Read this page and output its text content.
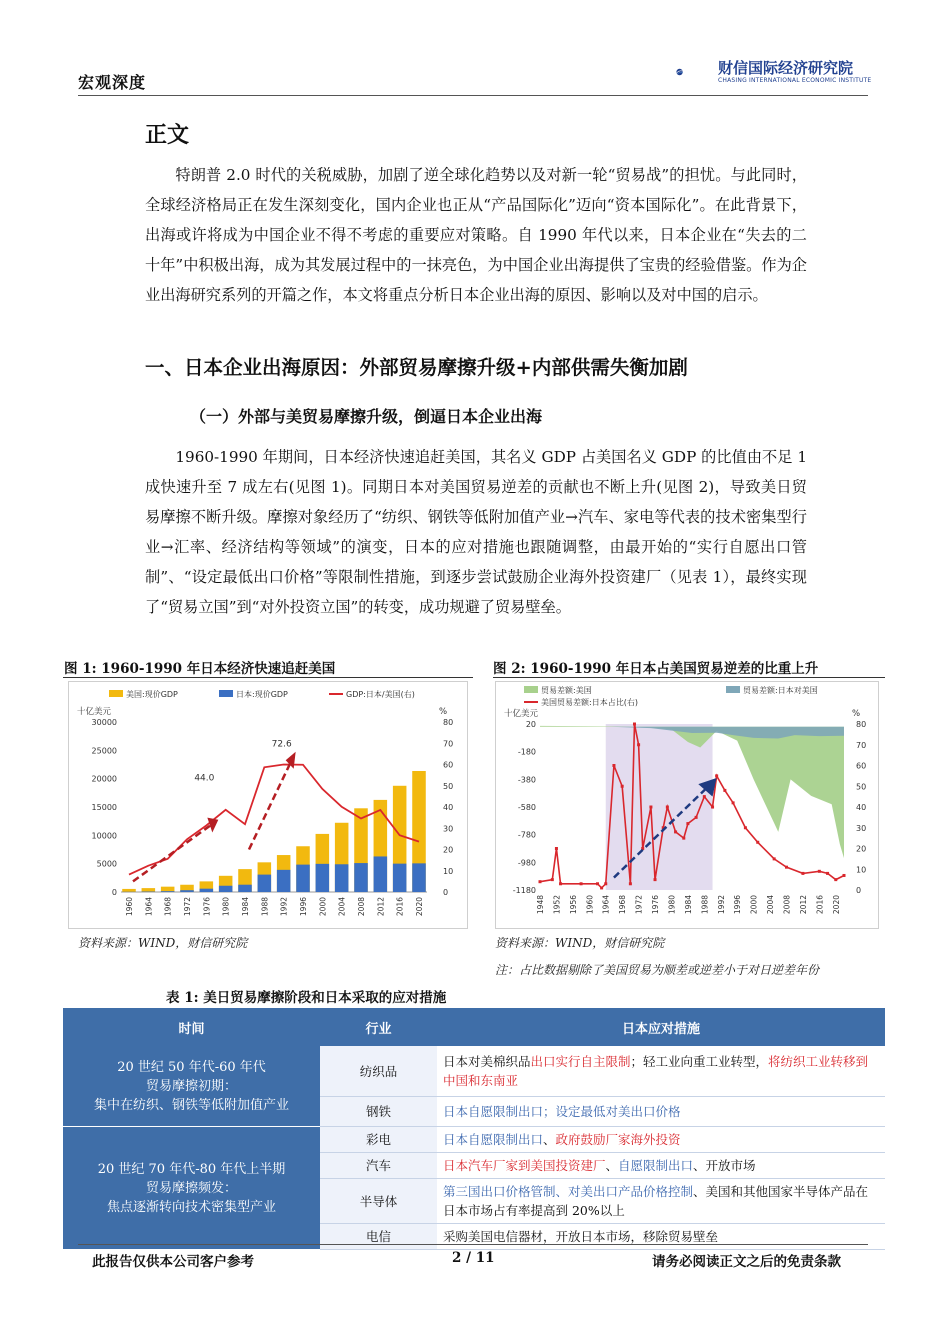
宏观深度
财信国际经济研究院
CHASING INTERNATIONAL ECONOMIC INSTITUTE
正文

特朗普 2.0 时代的关税威胁，加剧了逆全球化趋势以及对新一轮“贸易战”的担忧。与此同时，全球经济格局正在发生深刻变化，国内企业也正从“产品国际化”迈向“资本国际化”。在此背景下，出海或许将成为中国企业不得不考虑的重要应对策略。自 1990 年代以来，日本企业在“失去的二十年”中积极出海，成为其发展过程中的一抹亮色，为中国企业出海提供了宝贵的经验借鉴。作为企业出海研究系列的开篇之作，本文将重点分析日本企业出海的原因、影响以及对中国的启示。

一、日本企业出海原因：外部贸易摩擦升级+内部供需失衡加剧
（一）外部与美贸易摩擦升级，倒逼日本企业出海

1960-1990 年期间，日本经济快速追赶美国，其名义 GDP 占美国名义 GDP 的比值由不足 1 成快速升至 7 成左右(见图 1)。同期日本对美国贸易逆差的贡献也不断上升(见图 2)，导致美日贸易摩擦不断升级。摩擦对象经历了“纺织、钢铁等低附加值产业→汽车、家电等代表的技术密集型行业→汇率、经济结构等领域”的演变，日本的应对措施也跟随调整，由最开始的“实行自愿出口管制”、“设定最低出口价格”等限制性措施，到逐步尝试鼓励企业海外投资建厂（见表 1），最终实现了“贸易立国”到“对外投资立国”的转变，成功规避了贸易壁垒。

图 1: 1960-1990 年日本经济快速追赶美国
美国:现价GDP	日本:现价GDP	GDP:日本/美国(右)
十亿美元	%
0
5000
10000
15000
20000
25000
30000
0
10
20
30
40
50
60
70
80
44.0
72.6
1960 1964 1968 1972 1976 1980 1984 1988 1992 1996 2000 2004 2008 2012 2016 2020
资料来源：WIND，财信研究院
图 2: 1960-1990 年日本占美国贸易逆差的比重上升
贸易差额:美国	贸易差额:日本对美国
美国贸易差额:日本占比(右)
十亿美元	%
20
-180
-380
-580
-780
-980
-1180	0
10
20
30
40
50
60
70
80
1948 1952 1956 1960 1964 1968 1972 1976 1980 1984 1988 1992 1996 2000 2004 2008 2012 2016 2020
资料来源：WIND，财信研究院
注：占比数据剔除了美国贸易为顺差或逆差小于对日逆差年份
表 1: 美日贸易摩擦阶段和日本采取的应对措施
时间	行业	日本应对措施
20 世纪 50 年代-60 年代
贸易摩擦初期：
集中在纺织、钢铁等低附加值产业	纺织品	日本对美棉织品出口实行自主限制；轻工业向重工业转型，将纺织工业转移到中国和东南亚
	钢铁	日本自愿限制出口；设定最低对美出口价格
20 世纪 70 年代-80 年代上半期
贸易摩擦频发：
焦点逐渐转向技术密集型产业	彩电	日本自愿限制出口、政府鼓励厂家海外投资
	汽车	日本汽车厂家到美国投资建厂、自愿限制出口、开放市场
	半导体	第三国出口价格管制、对美出口产品价格控制、美国和其他国家半导体产品在日本市场占有率提高到 20%以上
	电信	采购美国电信器材，开放日本市场，移除贸易壁垒
此报告仅供本公司客户参考	2 / 11	请务必阅读正文之后的免责条款
